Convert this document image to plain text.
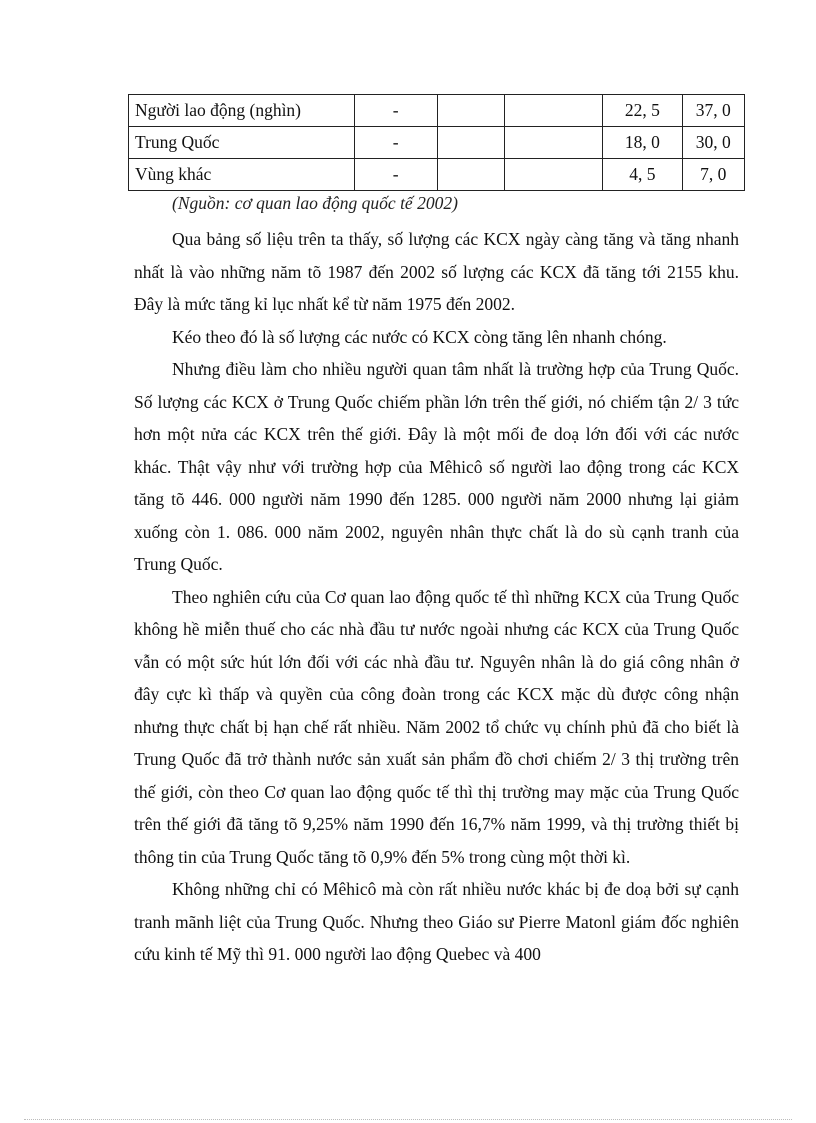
Người lao động (nghìn)	-			22, 5	37, 0
Trung Quốc	-			18, 0	30, 0
Vùng khác	-			4, 5	7, 0
(Nguồn: cơ quan lao động quốc tế 2002)

Qua bảng số liệu trên ta thấy, số lượng các KCX ngày càng tăng và tăng nhanh nhất là vào những năm tõ 1987 đến 2002 số lượng các KCX đã tăng tới 2155 khu. Đây là mức tăng kỉ lục nhất kể từ năm 1975 đến 2002.

Kéo theo đó là số lượng các nước có KCX còng tăng lên nhanh chóng.

Nhưng điều làm cho nhiều người quan tâm nhất là trường hợp của Trung Quốc. Số lượng các KCX ở Trung Quốc chiếm phần lớn trên thế giới, nó chiếm tận 2/ 3 tức hơn một nửa các KCX trên thế giới. Đây là một mối đe doạ lớn đối với các nước khác. Thật vậy như với trường hợp của Mêhicô số người lao động trong các KCX tăng tõ 446. 000 người năm 1990 đến 1285. 000 người năm 2000 nhưng lại giảm xuống còn 1. 086. 000 năm 2002, nguyên nhân thực chất là do sù cạnh tranh của Trung Quốc.

Theo nghiên cứu của Cơ quan lao động quốc tế thì những KCX của Trung Quốc không hề miễn thuế cho các nhà đầu tư nước ngoài nhưng các KCX của Trung Quốc vẫn có một sức hút lớn đối với các nhà đầu tư. Nguyên nhân là do giá công nhân ở đây cực kì thấp và quyền của công đoàn trong các KCX mặc dù được công nhận nhưng thực chất bị hạn chế rất nhiều. Năm 2002 tổ chức vụ chính phủ đã cho biết là Trung Quốc đã trở thành nước sản xuất sản phẩm đồ chơi chiếm 2/ 3 thị trường trên thế giới, còn theo Cơ quan lao động quốc tế thì thị trường may mặc của Trung Quốc trên thế giới đã tăng tõ 9,25% năm 1990 đến 16,7% năm 1999, và thị trường thiết bị thông tin của Trung Quốc tăng tõ 0,9% đến 5% trong cùng một thời kì.

Không những chỉ có Mêhicô mà còn rất nhiều nước khác bị đe doạ bởi sự cạnh tranh mãnh liệt của Trung Quốc. Nhưng theo Giáo sư Pierre Matonl giám đốc nghiên cứu kinh tế Mỹ thì 91. 000 người lao động Quebec và 400
